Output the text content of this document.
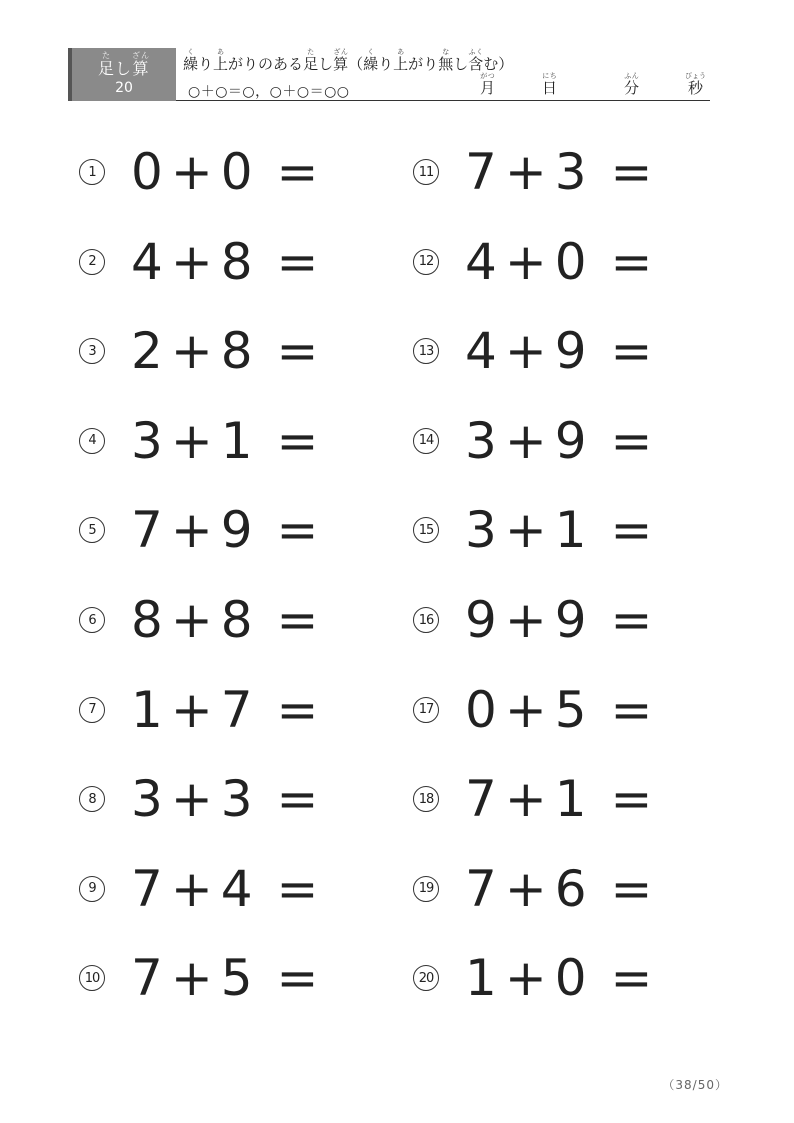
足たし算ざん
20
繰くり上あがりのある足たし算ざん（繰くり上あがり無なし含ふくむ）
○＋○＝○，○＋○＝○○	月がつ
日にち
分ふん
秒びょう
1 0 + 0 =
2 4 + 8 =
3 2 + 8 =
4 3 + 1 =
5 7 + 9 =
6 8 + 8 =
7 1 + 7 =
8 3 + 3 =
9 7 + 4 =
10 7 + 5 =
11 7 + 3 =
12 4 + 0 =
13 4 + 9 =
14 3 + 9 =
15 3 + 1 =
16 9 + 9 =
17 0 + 5 =
18 7 + 1 =
19 7 + 6 =
20 1 + 0 =
（38/50）
